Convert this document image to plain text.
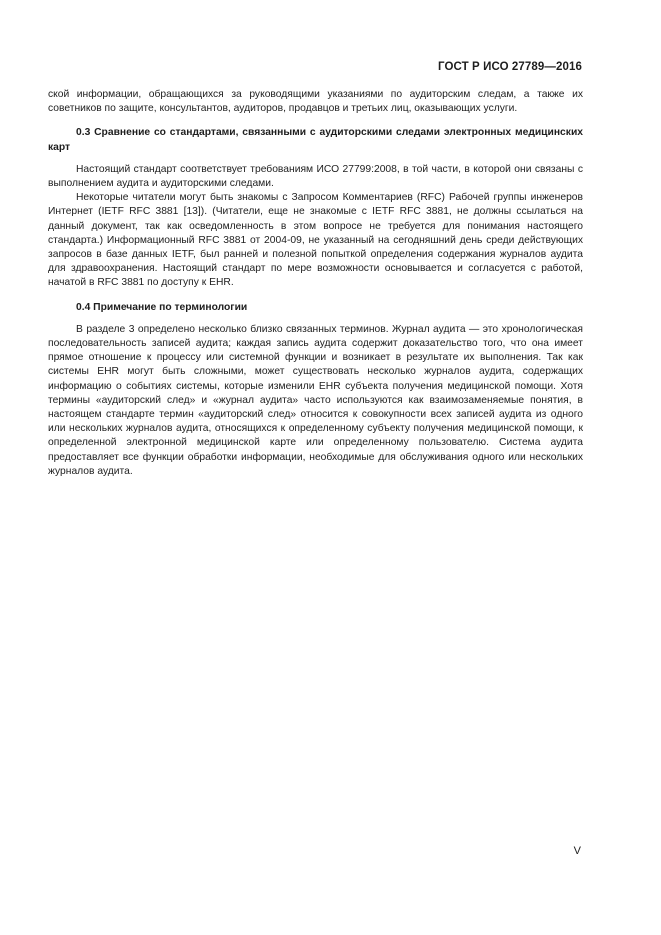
ГОСТ Р ИСО 27789—2016

ской информации, обращающихся за руководящими указаниями по аудиторским следам, а также их советников по защите, консультантов, аудиторов, продавцов и третьих лиц, оказывающих услуги.

0.3 Сравнение со стандартами, связанными с аудиторскими следами электронных медицинских карт

Настоящий стандарт соответствует требованиям ИСО 27799:2008, в той части, в которой они связаны с выполнением аудита и аудиторскими следами.

Некоторые читатели могут быть знакомы с Запросом Комментариев (RFC) Рабочей группы инженеров Интернет (IETF RFC 3881 [13]). (Читатели, еще не знакомые с IETF RFC 3881, не должны ссылаться на данный документ, так как осведомленность в этом вопросе не требуется для понимания настоящего стандарта.) Информационный RFC 3881 от 2004-09, не указанный на сегодняшний день среди действующих запросов в базе данных IETF, был ранней и полезной попыткой определения содержания журналов аудита для здравоохранения. Настоящий стандарт по мере возможности основывается и согласуется с работой, начатой в RFC 3881 по доступу к EHR.

0.4 Примечание по терминологии

В разделе 3 определено несколько близко связанных терминов. Журнал аудита — это хронологическая последовательность записей аудита; каждая запись аудита содержит доказательство того, что она имеет прямое отношение к процессу или системной функции и возникает в результате их выполнения. Так как системы EHR могут быть сложными, может существовать несколько журналов аудита, содержащих информацию о событиях системы, которые изменили EHR субъекта получения медицинской помощи. Хотя термины «аудиторский след» и «журнал аудита» часто используются как взаимозаменяемые понятия, в настоящем стандарте термин «аудиторский след» относится к совокупности всех записей аудита из одного или нескольких журналов аудита, относящихся к определенному субъекту получения медицинской помощи, к определенной электронной медицинской карте или определенному пользователю. Система аудита предоставляет все функции обработки информации, необходимые для обслуживания одного или нескольких журналов аудита.

V
